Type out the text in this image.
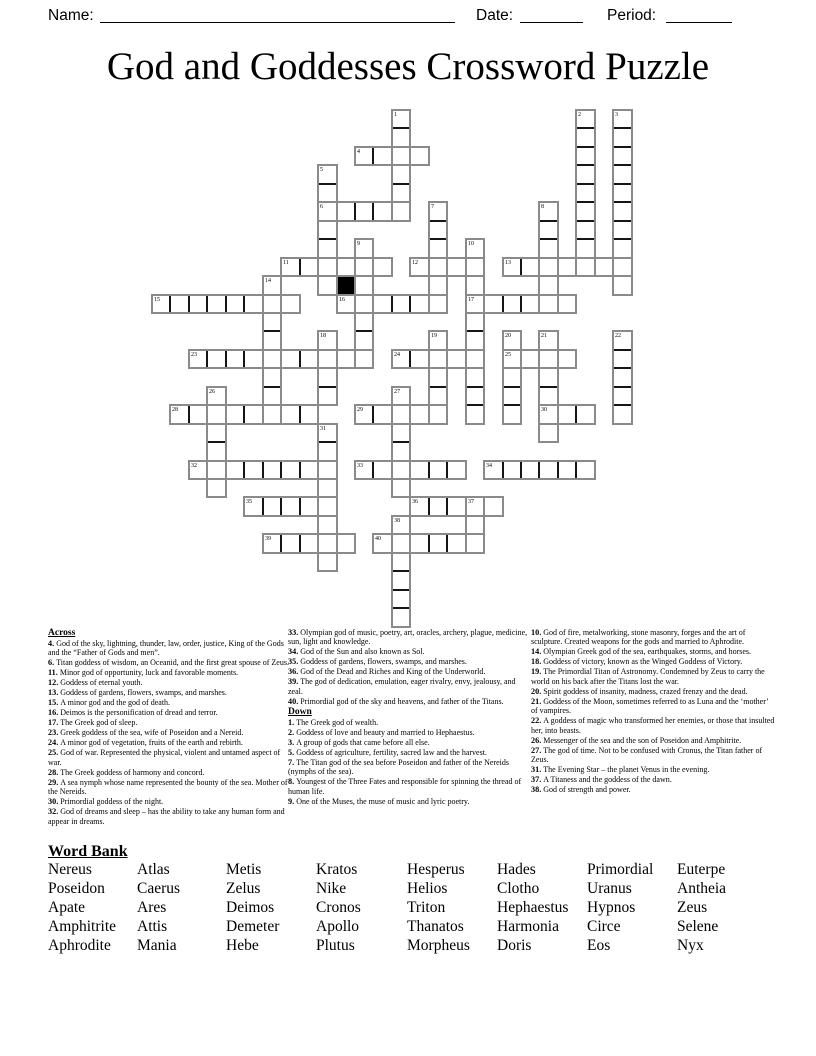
Name:	Date:	Period:
God and Goddesses Crossword Puzzle
4
6
11	12	13
15	16	17
23	24	25
28	29	30
32	33	34
35	36
39	40
1	2	3
5
7	8
9	10
14
18	19	20	21	22
26	27
31
37
38
Across

4. God of the sky, lightning, thunder, law, order, justice, King of the Gods and the “Father of Gods and men”.

6. Titan goddess of wisdom, an Oceanid, and the first great spouse of Zeus.

11. Minor god of opportunity, luck and favorable moments.

12. Goddess of eternal youth.

13. Goddess of gardens, flowers, swamps, and marshes.

15. A minor god and the god of death.

16. Deimos is the personification of dread and terror.

17. The Greek god of sleep.

23. Greek goddess of the sea, wife of Poseidon and a Nereid.

24. A minor god of vegetation, fruits of the earth and rebirth.

25. God of war. Represented the physical, violent and untamed aspect of war.

28. The Greek goddess of harmony and concord.

29. A sea nymph whose name represented the bounty of the sea. Mother of the Nereids.

30. Primordial goddess of the night.

32. God of dreams and sleep – has the ability to take any human form and appear in dreams.

33. Olympian god of music, poetry, art, oracles, archery, plague, medicine, sun, light and knowledge.

34. God of the Sun and also known as Sol.

35. Goddess of gardens, flowers, swamps, and marshes.

36. God of the Dead and Riches and King of the Underworld.

39. The god of dedication, emulation, eager rivalry, envy, jealousy, and zeal.

40. Primordial god of the sky and heavens, and father of the Titans.

Down

1. The Greek god of wealth.

2. Goddess of love and beauty and married to Hephaestus.

3. A group of gods that came before all else.

5. Goddess of agriculture, fertility, sacred law and the harvest.

7. The Titan god of the sea before Poseidon and father of the Nereids (nymphs of the sea).

8. Youngest of the Three Fates and responsible for spinning the thread of human life.

9. One of the Muses, the muse of music and lyric poetry.

10. God of fire, metalworking, stone masonry, forges and the art of sculpture. Created weapons for the gods and married to Aphrodite.

14. Olympian Greek god of the sea, earthquakes, storms, and horses.

18. Goddess of victory, known as the Winged Goddess of Victory.

19. The Primordial Titan of Astronomy. Condemned by Zeus to carry the world on his back after the Titans lost the war.

20. Spirit goddess of insanity, madness, crazed frenzy and the dead.

21. Goddess of the Moon, sometimes referred to as Luna and the ‘mother’ of vampires.

22. A goddess of magic who transformed her enemies, or those that insulted her, into beasts.

26. Messenger of the sea and the son of Poseidon and Amphitrite.

27. The god of time. Not to be confused with Cronus, the Titan father of Zeus.

31. The Evening Star – the planet Venus in the evening.

37. A Titaness and the goddess of the dawn.

38. God of strength and power.

Word Bank
Nereus	Atlas	Metis	Kratos	Hesperus	Hades	Primordial	Euterpe
Poseidon	Caerus	Zelus	Nike	Helios	Clotho	Uranus	Antheia
Apate	Ares	Deimos	Cronos	Triton	Hephaestus	Hypnos	Zeus
Amphitrite	Attis	Demeter	Apollo	Thanatos	Harmonia	Circe	Selene
Aphrodite	Mania	Hebe	Plutus	Morpheus	Doris	Eos	Nyx
